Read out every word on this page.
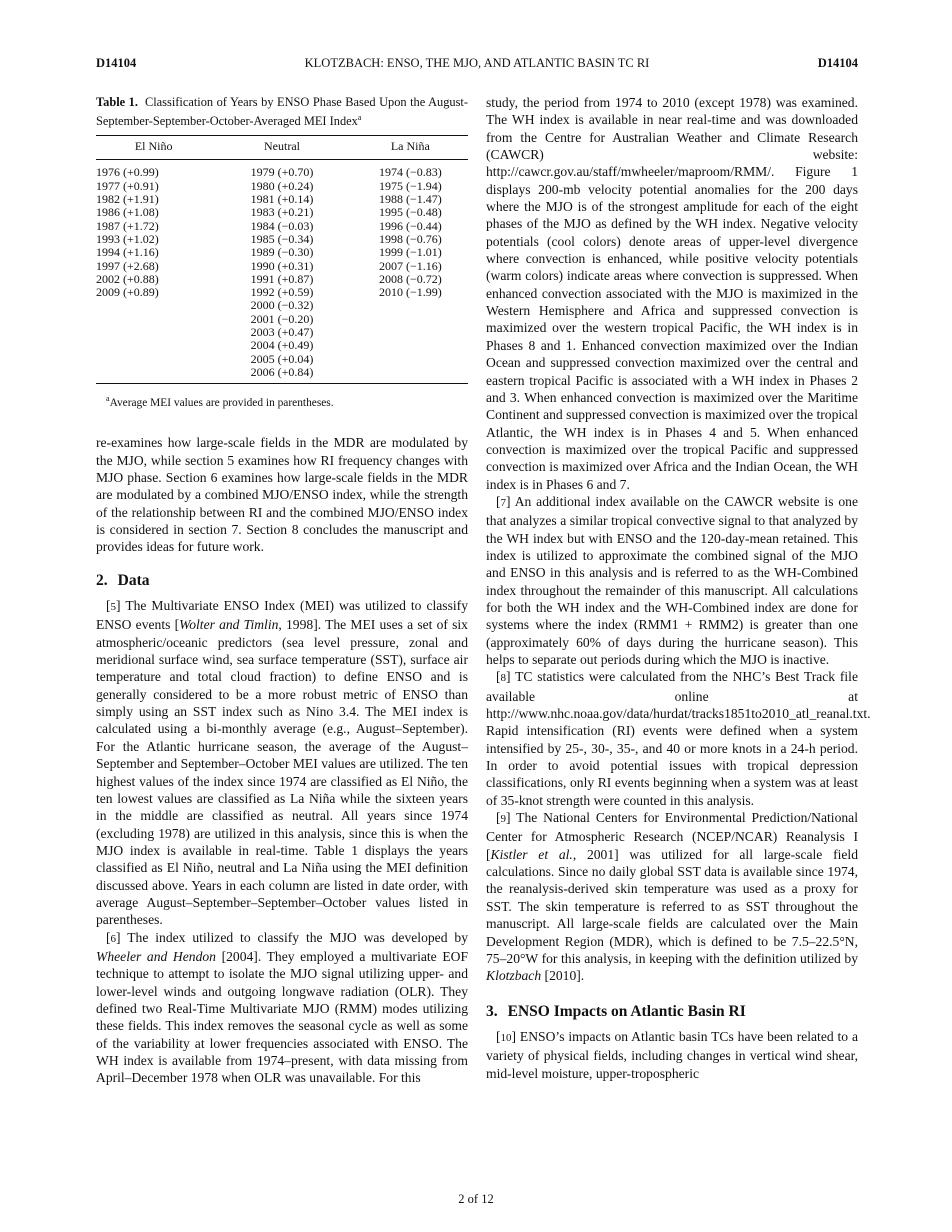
D14104	KLOTZBACH: ENSO, THE MJO, AND ATLANTIC BASIN TC RI	D14104
Table 1. Classification of Years by ENSO Phase Based Upon the August-September-September-October-Averaged MEI Index$^a$
El Niño	Neutral	La Niña
1976 (+0.99)	1979 (+0.70)	1974 (−0.83)
1977 (+0.91)	1980 (+0.24)	1975 (−1.94)
1982 (+1.91)	1981 (+0.14)	1988 (−1.47)
1986 (+1.08)	1983 (+0.21)	1995 (−0.48)
1987 (+1.72)	1984 (−0.03)	1996 (−0.44)
1993 (+1.02)	1985 (−0.34)	1998 (−0.76)
1994 (+1.16)	1989 (−0.30)	1999 (−1.01)
1997 (+2.68)	1990 (+0.31)	2007 (−1.16)
2002 (+0.88)	1991 (+0.87)	2008 (−0.72)
2009 (+0.89)	1992 (+0.59)	2010 (−1.99)
	2000 (−0.32)	
	2001 (−0.20)	
	2003 (+0.47)	
	2004 (+0.49)	
	2005 (+0.04)	
	2006 (+0.84)	
$^a$Average MEI values are provided in parentheses.

re-examines how large-scale fields in the MDR are modulated by the MJO, while section 5 examines how RI frequency changes with MJO phase. Section 6 examines how large-scale fields in the MDR are modulated by a combined MJO/ENSO index, while the strength of the relationship between RI and the combined MJO/ENSO index is considered in section 7. Section 8 concludes the manuscript and provides ideas for future work.

2. Data

[5] The Multivariate ENSO Index (MEI) was utilized to classify ENSO events [Wolter and Timlin, 1998]. The MEI uses a set of six atmospheric/oceanic predictors (sea level pressure, zonal and meridional surface wind, sea surface temperature (SST), surface air temperature and total cloud fraction) to define ENSO and is generally considered to be a more robust metric of ENSO than simply using an SST index such as Nino 3.4. The MEI index is calculated using a bi-monthly average (e.g., August–September). For the Atlantic hurricane season, the average of the August–September and September–October MEI values are utilized. The ten highest values of the index since 1974 are classified as El Niño, the ten lowest values are classified as La Niña while the sixteen years in the middle are classified as neutral. All years since 1974 (excluding 1978) are utilized in this analysis, since this is when the MJO index is available in real-time. Table 1 displays the years classified as El Niño, neutral and La Niña using the MEI definition discussed above. Years in each column are listed in date order, with average August–September–September–October values listed in parentheses.

[6] The index utilized to classify the MJO was developed by Wheeler and Hendon [2004]. They employed a multivariate EOF technique to attempt to isolate the MJO signal utilizing upper- and lower-level winds and outgoing longwave radiation (OLR). They defined two Real-Time Multivariate MJO (RMM) modes utilizing these fields. This index removes the seasonal cycle as well as some of the variability at lower frequencies associated with ENSO. The WH index is available from 1974–present, with data missing from April–December 1978 when OLR was unavailable. For this

study, the period from 1974 to 2010 (except 1978) was examined. The WH index is available in near real-time and was downloaded from the Centre for Australian Weather and Climate Research (CAWCR) website: http://cawcr.gov.au/staff/mwheeler/maproom/RMM/. Figure 1 displays 200-mb velocity potential anomalies for the 200 days where the MJO is of the strongest amplitude for each of the eight phases of the MJO as defined by the WH index. Negative velocity potentials (cool colors) denote areas of upper-level divergence where convection is enhanced, while positive velocity potentials (warm colors) indicate areas where convection is suppressed. When enhanced convection associated with the MJO is maximized in the Western Hemisphere and Africa and suppressed convection is maximized over the western tropical Pacific, the WH index is in Phases 8 and 1. Enhanced convection maximized over the Indian Ocean and suppressed convection maximized over the central and eastern tropical Pacific is associated with a WH index in Phases 2 and 3. When enhanced convection is maximized over the Maritime Continent and suppressed convection is maximized over the tropical Atlantic, the WH index is in Phases 4 and 5. When enhanced convection is maximized over the tropical Pacific and suppressed convection is maximized over Africa and the Indian Ocean, the WH index is in Phases 6 and 7.

[7] An additional index available on the CAWCR website is one that analyzes a similar tropical convective signal to that analyzed by the WH index but with ENSO and the 120-day-mean retained. This index is utilized to approximate the combined signal of the MJO and ENSO in this analysis and is referred to as the WH-Combined index throughout the remainder of this manuscript. All calculations for both the WH index and the WH-Combined index are done for systems where the index (RMM1 + RMM2) is greater than one (approximately 60% of days during the hurricane season). This helps to separate out periods during which the MJO is inactive.

[8] TC statistics were calculated from the NHC’s Best Track file available online at http://www.nhc.noaa.gov/data/hurdat/tracks1851to2010_atl_reanal.txt. Rapid intensification (RI) events were defined when a system intensified by 25-, 30-, 35-, and 40 or more knots in a 24-h period. In order to avoid potential issues with tropical depression classifications, only RI events beginning when a system was at least of 35-knot strength were counted in this analysis.

[9] The National Centers for Environmental Prediction/National Center for Atmospheric Research (NCEP/NCAR) Reanalysis I [Kistler et al., 2001] was utilized for all large-scale field calculations. Since no daily global SST data is available since 1974, the reanalysis-derived skin temperature was used as a proxy for SST. The skin temperature is referred to as SST throughout the manuscript. All large-scale fields are calculated over the Main Development Region (MDR), which is defined to be 7.5–22.5°N, 75–20°W for this analysis, in keeping with the definition utilized by Klotzbach [2010].

3. ENSO Impacts on Atlantic Basin RI

[10] ENSO’s impacts on Atlantic basin TCs have been related to a variety of physical fields, including changes in vertical wind shear, mid-level moisture, upper-tropospheric

2 of 12
